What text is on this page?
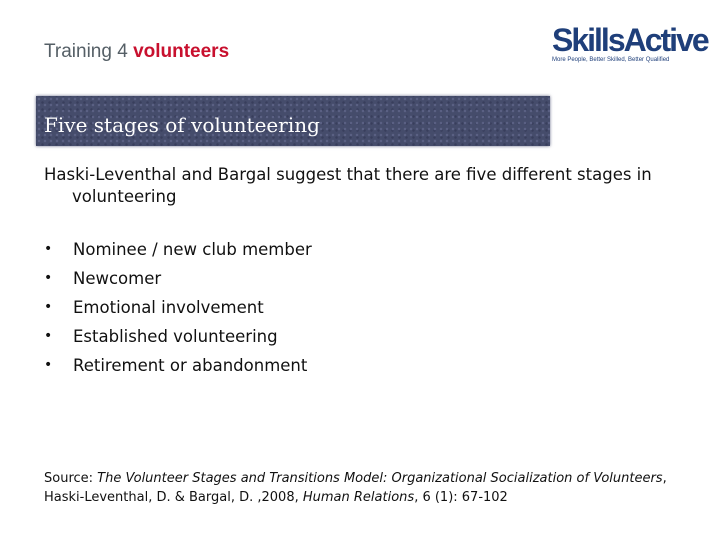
Training 4 volunteers	SkillsActive
More People, Better Skilled, Better Qualified
Five stages of volunteering
Haski-Leventhal and Bargal suggest that there are five different stages in volunteering
• Nominee / new club member
• Newcomer
• Emotional involvement
• Established volunteering
• Retirement or abandonment
Source: The Volunteer Stages and Transitions Model: Organizational Socialization of Volunteers, Haski-Leventhal, D. & Bargal, D. ,2008, Human Relations, 6 (1): 67-102
